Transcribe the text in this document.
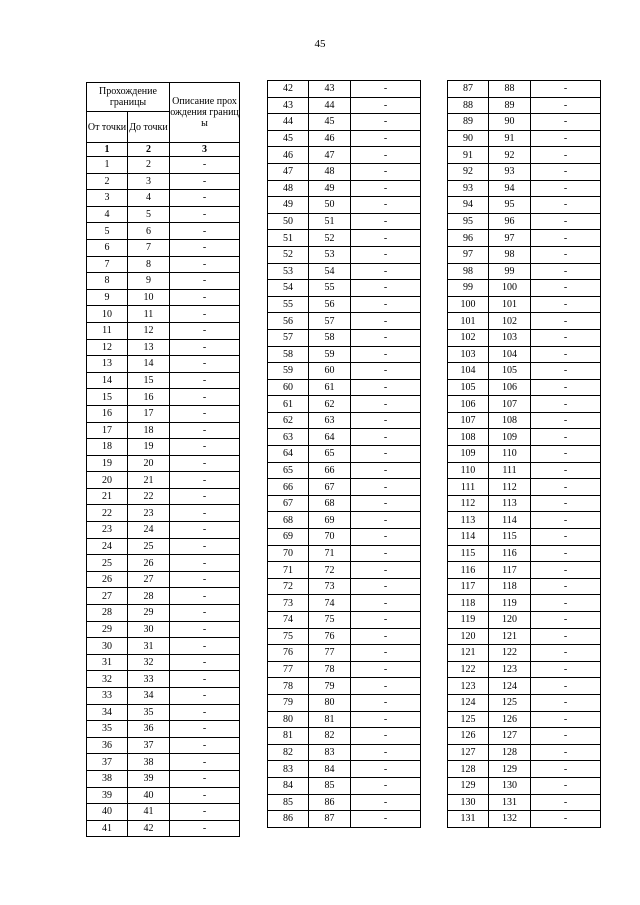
45
Прохождение границы		Описание прохождения границы
От точки	До точки	
1	2	3
1	2	-
2	3	-
3	4	-
4	5	-
5	6	-
6	7	-
7	8	-
8	9	-
9	10	-
10	11	-
11	12	-
12	13	-
13	14	-
14	15	-
15	16	-
16	17	-
17	18	-
18	19	-
19	20	-
20	21	-
21	22	-
22	23	-
23	24	-
24	25	-
25	26	-
26	27	-
27	28	-
28	29	-
29	30	-
30	31	-
31	32	-
32	33	-
33	34	-
34	35	-
35	36	-
36	37	-
37	38	-
38	39	-
39	40	-
40	41	-
41	42	-
42	43	-
43	44	-
44	45	-
45	46	-
46	47	-
47	48	-
48	49	-
49	50	-
50	51	-
51	52	-
52	53	-
53	54	-
54	55	-
55	56	-
56	57	-
57	58	-
58	59	-
59	60	-
60	61	-
61	62	-
62	63	-
63	64	-
64	65	-
65	66	-
66	67	-
67	68	-
68	69	-
69	70	-
70	71	-
71	72	-
72	73	-
73	74	-
74	75	-
75	76	-
76	77	-
77	78	-
78	79	-
79	80	-
80	81	-
81	82	-
82	83	-
83	84	-
84	85	-
85	86	-
86	87	-
87	88	-
88	89	-
89	90	-
90	91	-
91	92	-
92	93	-
93	94	-
94	95	-
95	96	-
96	97	-
97	98	-
98	99	-
99	100	-
100	101	-
101	102	-
102	103	-
103	104	-
104	105	-
105	106	-
106	107	-
107	108	-
108	109	-
109	110	-
110	111	-
111	112	-
112	113	-
113	114	-
114	115	-
115	116	-
116	117	-
117	118	-
118	119	-
119	120	-
120	121	-
121	122	-
122	123	-
123	124	-
124	125	-
125	126	-
126	127	-
127	128	-
128	129	-
129	130	-
130	131	-
131	132	-
